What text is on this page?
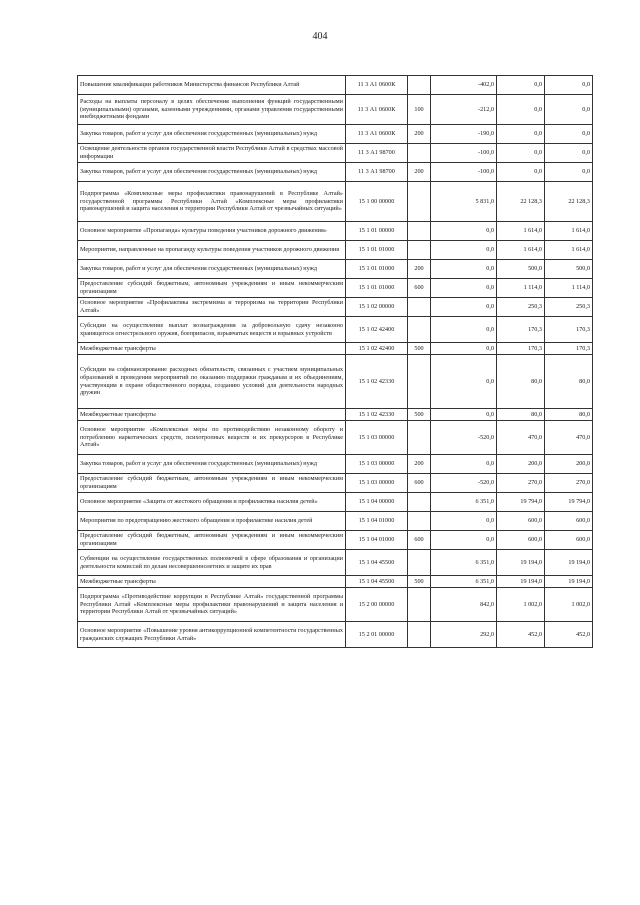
404
Повышение квалификации работников Министерства финансов Республики Алтай	11 3 А1 0600К		-402,0	0,0	0,0
Расходы на выплаты персоналу в целях обеспечения выполнения функций государственными (муниципальными) органами, казенными учреждениями, органами управления государственными внебюджетными фондами	11 3 А1 0600К	100	-212,0	0,0	0,0
Закупка товаров, работ и услуг для обеспечения государственных (муниципальных) нужд	11 3 А1 0600К	200	-190,0	0,0	0,0
Освещение деятельности органов государственной власти Республики Алтай в средствах массовой информации	11 3 А1 98700		-100,0	0,0	0,0
Закупка товаров, работ и услуг для обеспечения государственных (муниципальных) нужд	11 3 А1 98700	200	-100,0	0,0	0,0
Подпрограмма «Комплексные меры профилактики правонарушений в Республике Алтай» государственной программы Республики Алтай «Комплексные меры профилактики правонарушений и защита населения и территории Республики Алтай от чрезвычайных ситуаций»	15 1 00 00000		5 831,0	22 128,3	22 128,3
Основное мероприятие «Пропаганда» культуры поведения участников дорожного движения»	15 1 01 00000		0,0	1 614,0	1 614,0
Мероприятия, направленные на пропаганду культуры поведения участников дорожного движения	15 1 01 01000		0,0	1 614,0	1 614,0
Закупка товаров, работ и услуг для обеспечения государственных (муниципальных) нужд	15 1 01 01000	200	0,0	500,0	500,0
Предоставление субсидий бюджетным, автономным учреждениям и иным некоммерческим организациям	15 1 01 01000	600	0,0	1 114,0	1 114,0
Основное мероприятие «Профилактика экстремизма и терроризма на территории Республики Алтай»	15 1 02 00000		0,0	250,3	250,3
Субсидии на осуществление выплат вознаграждения за добровольную сдачу незаконно хранящегося огнестрельного оружия, боеприпасов, взрывчатых веществ и взрывных устройств	15 1 02 42400		0,0	170,3	170,3
Межбюджетные трансферты	15 1 02 42400	500	0,0	170,3	170,3
Субсидии на софинансирование расходных обязательств, связанных с участием муниципальных образований в проведении мероприятий по оказанию поддержки гражданам и их объединениям, участвующим в охране общественного порядка, созданию условий для деятельности народных дружин	15 1 02 42330		0,0	80,0	80,0
Межбюджетные трансферты	15 1 02 42330	500	0,0	80,0	80,0
Основное мероприятие «Комплексные меры по противодействию незаконному обороту и потреблению наркотических средств, психотропных веществ и их прекурсоров в Республике Алтай»	15 1 03 00000		-520,0	470,0	470,0
Закупка товаров, работ и услуг для обеспечения государственных (муниципальных) нужд	15 1 03 00000	200	0,0	200,0	200,0
Предоставление субсидий бюджетным, автономным учреждениям и иным некоммерческим организациям	15 1 03 00000	600	-520,0	270,0	270,0
Основное мероприятие «Защита от жестокого обращения и профилактика насилия детей»	15 1 04 00000		6 351,0	19 794,0	19 794,0
Мероприятия по предотвращению жестокого обращения и профилактике насилия детей	15 1 04 01000		0,0	600,0	600,0
Предоставление субсидий бюджетным, автономным учреждениям и иным некоммерческим организациям	15 1 04 01000	600	0,0	600,0	600,0
Субвенции на осуществление государственных полномочий в сфере образования и организации деятельности комиссий по делам несовершеннолетних и защите их прав	15 1 04 45500		6 351,0	19 194,0	19 194,0
Межбюджетные трансферты	15 1 04 45500	500	6 351,0	19 194,0	19 194,0
Подпрограмма «Противодействие коррупции в Республике Алтай» государственной программы Республики Алтай «Комплексные меры профилактики правонарушений и защита населения и территории Республики Алтай от чрезвычайных ситуаций»	15 2 00 00000		842,0	1 002,0	1 002,0
Основное мероприятие «Повышение уровня антикоррупционной компетентности государственных гражданских служащих Республики Алтай»	15 2 01 00000		292,0	452,0	452,0
